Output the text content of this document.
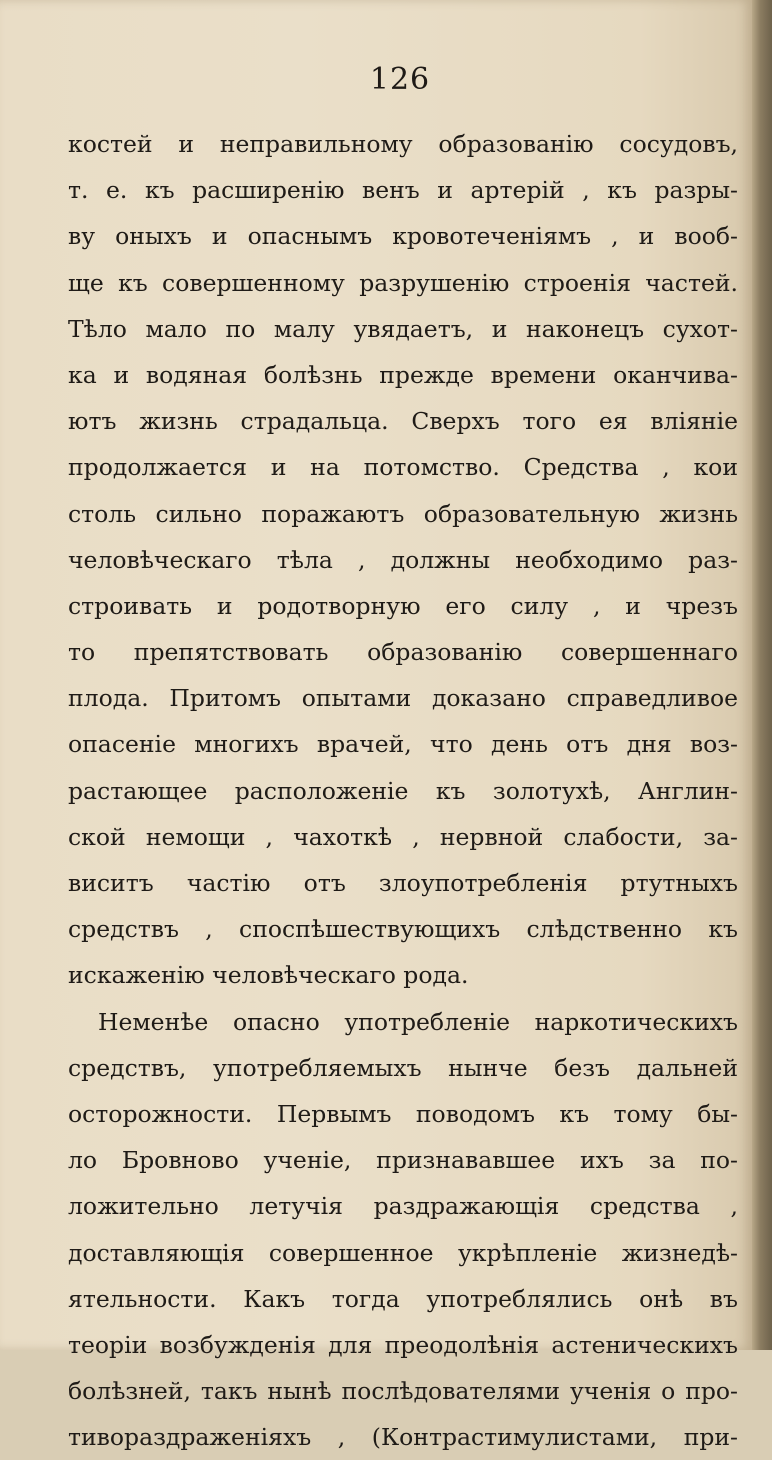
126
костей и неправильному образованію сосудовъ,
т. е. къ расширенію венъ и артерій , къ разры-
ву оныхъ и опаснымъ кровотеченіямъ , и вооб-
ще къ совершенному разрушенію строенія частей.
Тѣло мало по малу увядаетъ, и наконецъ сухот-
ка и водяная болѣзнь прежде времени оканчива-
ютъ жизнь страдальца. Сверхъ того ея вліяніе
продолжается и на потомство. Средства , кои
столь сильно поражаютъ образовательную жизнь
человѣческаго тѣла , должны необходимо раз-
строивать и родотворную его силу , и чрезъ
то препятствовать образованію совершеннаго
плода. Притомъ опытами доказано справедливое
опасеніе многихъ врачей, что день отъ дня воз-
растающее расположеніе къ золотухѣ, Англин-
ской немощи , чахоткѣ , нервной слабости, за-
виситъ частію отъ злоупотребленія ртутныхъ
средствъ , споспѣшествующихъ слѣдственно къ
искаженію человѣческаго рода.
Неменѣе опасно употребленіе наркотическихъ
средствъ, употребляемыхъ нынче безъ дальней
осторожности. Первымъ поводомъ къ тому бы-
ло Бровново ученіе, признававшее ихъ за по-
ложительно летучія раздражающія средства ,
доставляющія совершенное укрѣпленіе жизнедѣ-
ятельности. Какъ тогда употреблялись онѣ въ
теоріи возбужденія для преодолѣнія астеническихъ
болѣзней, такъ нынѣ послѣдователями ученія о про-
тивораздраженіяхъ , (Контрастимулистами, при-
